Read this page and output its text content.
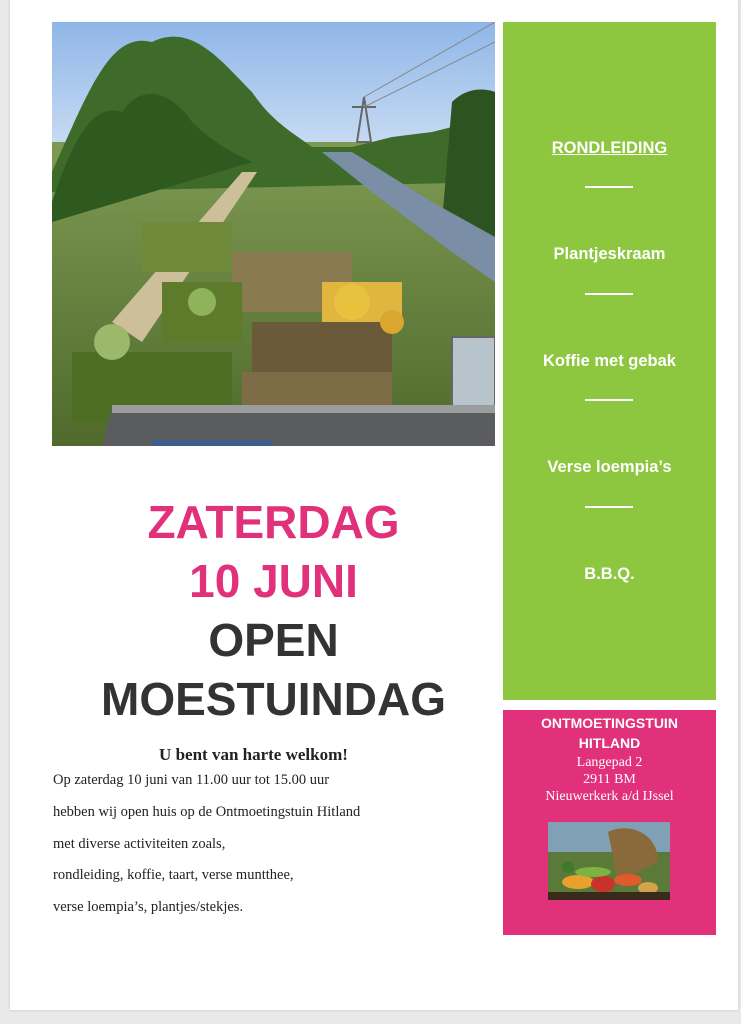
RONDLEIDING
Plantjeskraam
Koffie met gebak
Verse loempia’s
B.B.Q.
ONTMOETINGSTUIN
HITLAND
Langepad 2
2911 BM
Nieuwerkerk a/d IJssel
ZATERDAG
10 JUNI
OPEN
MOESTUINDAG
U bent van harte welkom!
Op zaterdag 10 juni van 11.00 uur tot 15.00 uur
hebben wij open huis op de Ontmoetingstuin Hitland
met diverse activiteiten zoals,
rondleiding, koffie, taart, verse muntthee,
verse loempia’s, plantjes/stekjes.
